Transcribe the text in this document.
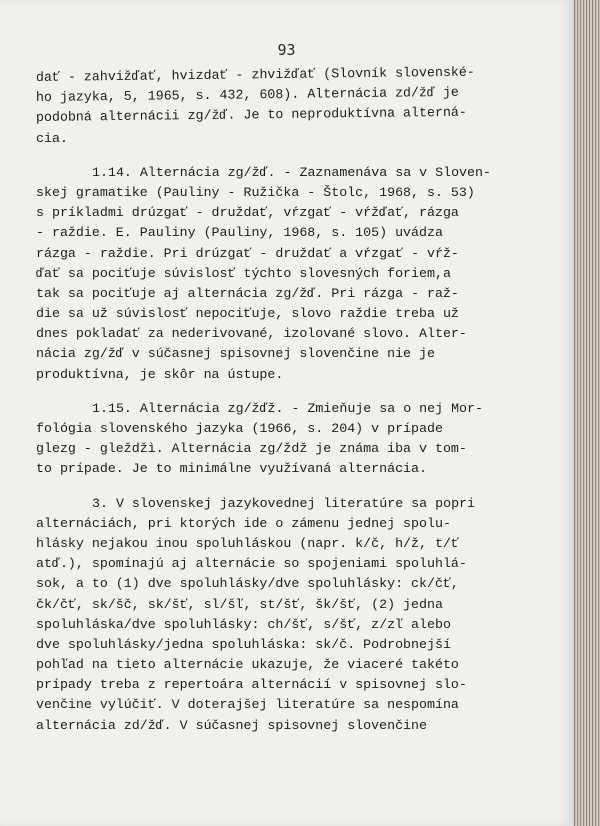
93
dať - zahvižďať, hvizdať - zhvižďať (Slovník slovenské-
ho jazyka, 5, 1965, s. 432, 608). Alternácia zd/žď je
podobná alternácii zg/žď. Je to neproduktívna alterná-
cia.
1.14. Alternácia zg/žď. - Zaznamenáva sa v Sloven-
skej gramatike (Pauliny - Ružička - Štolc, 1968, s. 53)
s príkladmi drúzgať - druždať, vŕzgať - vŕžďať, rázga
- raždie. E. Pauliny (Pauliny, 1968, s. 105) uvádza
rázga - raždie. Pri drúzgať - druždať a vŕzgať - vŕž-
ďať sa pociťuje súvislosť týchto slovesných foriem,a
tak sa pociťuje aj alternácia zg/žď. Pri rázga - raž-
die sa už súvislosť nepociťuje, slovo raždie treba už
dnes pokladať za nederivované, izolované slovo. Alter-
nácia zg/žď v súčasnej spisovnej slovenčine nie je
produktívna, je skôr na ústupe.
1.15. Alternácia zg/žďž. - Zmieňuje sa o nej Mor-
fológia slovenského jazyka (1966, s. 204) v prípade
glezg - gleždžì. Alternácia zg/ždž je známa iba v tom-
to prípade. Je to minimálne využívaná alternácia.
3. V slovenskej jazykovednej literatúre sa popri
alternáciách, pri ktorých ide o zámenu jednej spolu-
hlásky nejakou inou spoluhláskou (napr. k/č, h/ž, t/ť
atď.), spomínajú aj alternácie so spojeniami spoluhlá-
sok, a to (1) dve spoluhlásky/dve spoluhlásky: ck/čť,
čk/čť, sk/šč, sk/šť, sl/šľ, st/šť, šk/šť, (2) jedna
spoluhláska/dve spoluhlásky: ch/šť, s/šť, z/zľ alebo
dve spoluhlásky/jedna spoluhláska: sk/č. Podrobnejší
pohľad na tieto alternácie ukazuje, že viaceré takéto
prípady treba z repertoára alternácií v spisovnej slo-
venčine vylúčiť. V doterajšej literatúre sa nespomína
alternácia zd/žď. V súčasnej spisovnej slovenčine
